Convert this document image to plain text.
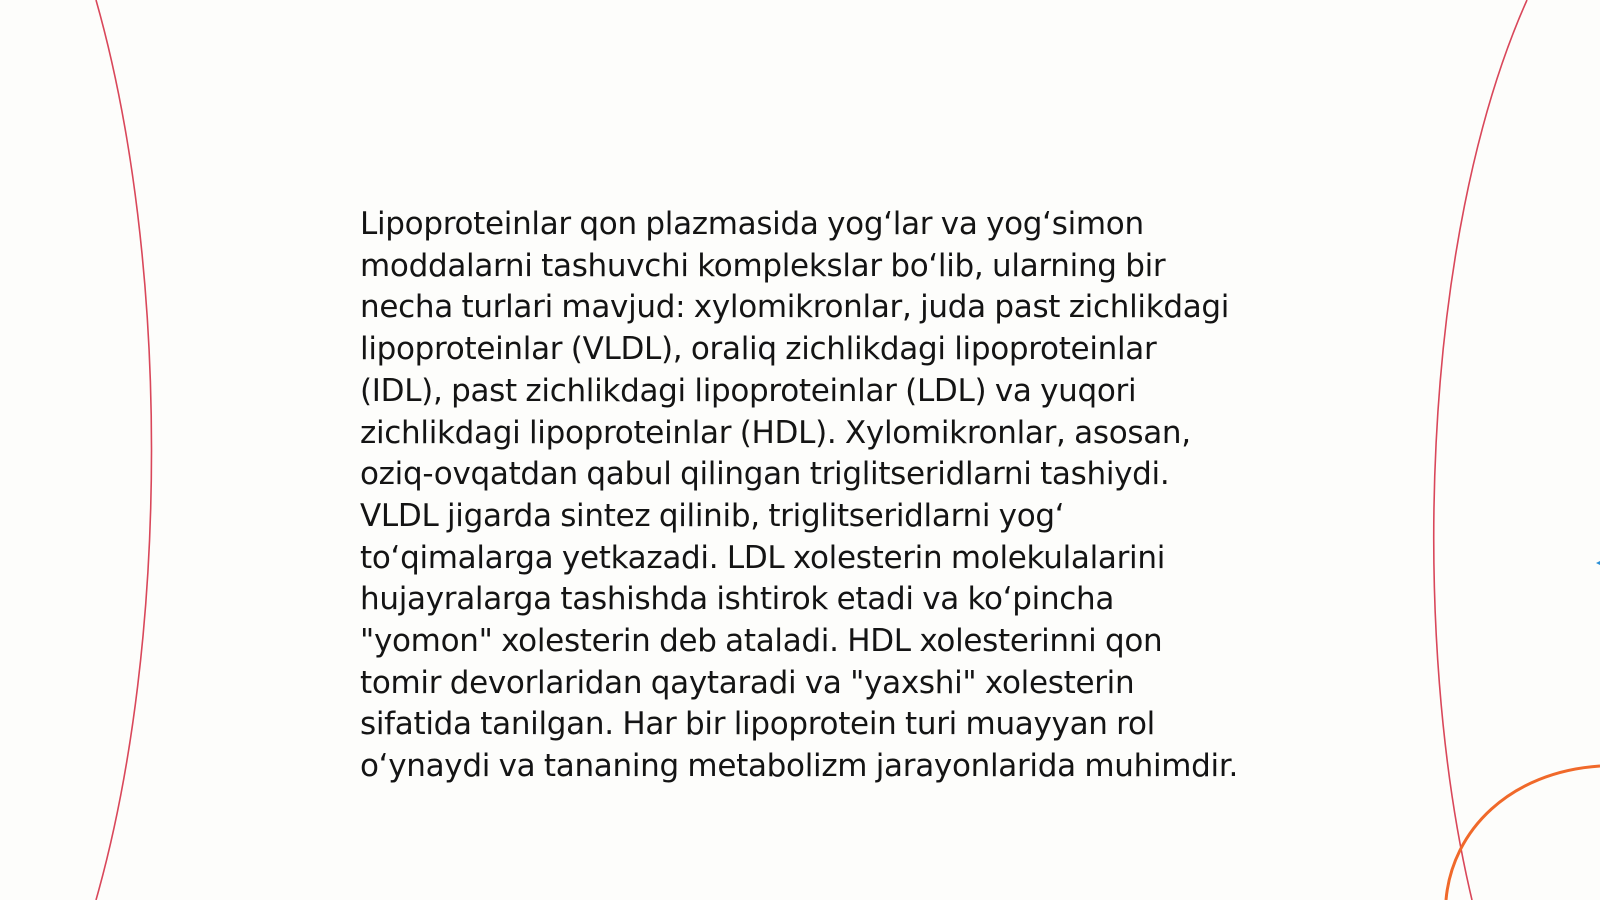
Lipoproteinlar qon plazmasida yogʻlar va yogʻsimon moddalarni tashuvchi komplekslar boʻlib, ularning bir necha turlari mavjud: xylomikronlar, juda past zichlikdagi lipoproteinlar (VLDL), oraliq zichlikdagi lipoproteinlar (IDL), past zichlikdagi lipoproteinlar (LDL) va yuqori zichlikdagi lipoproteinlar (HDL). Xylomikronlar, asosan, oziq-ovqatdan qabul qilingan triglitseridlarni tashiydi. VLDL jigarda sintez qilinib, triglitseridlarni yogʻ toʻqimalarga yetkazadi. LDL xolesterin molekulalarini hujayralarga tashishda ishtirok etadi va koʻpincha "yomon" xolesterin deb ataladi. HDL xolesterinni qon tomir devorlaridan qaytaradi va "yaxshi" xolesterin sifatida tanilgan. Har bir lipoprotein turi muayyan rol oʻynaydi va tananing metabolizm jarayonlarida muhimdir.
